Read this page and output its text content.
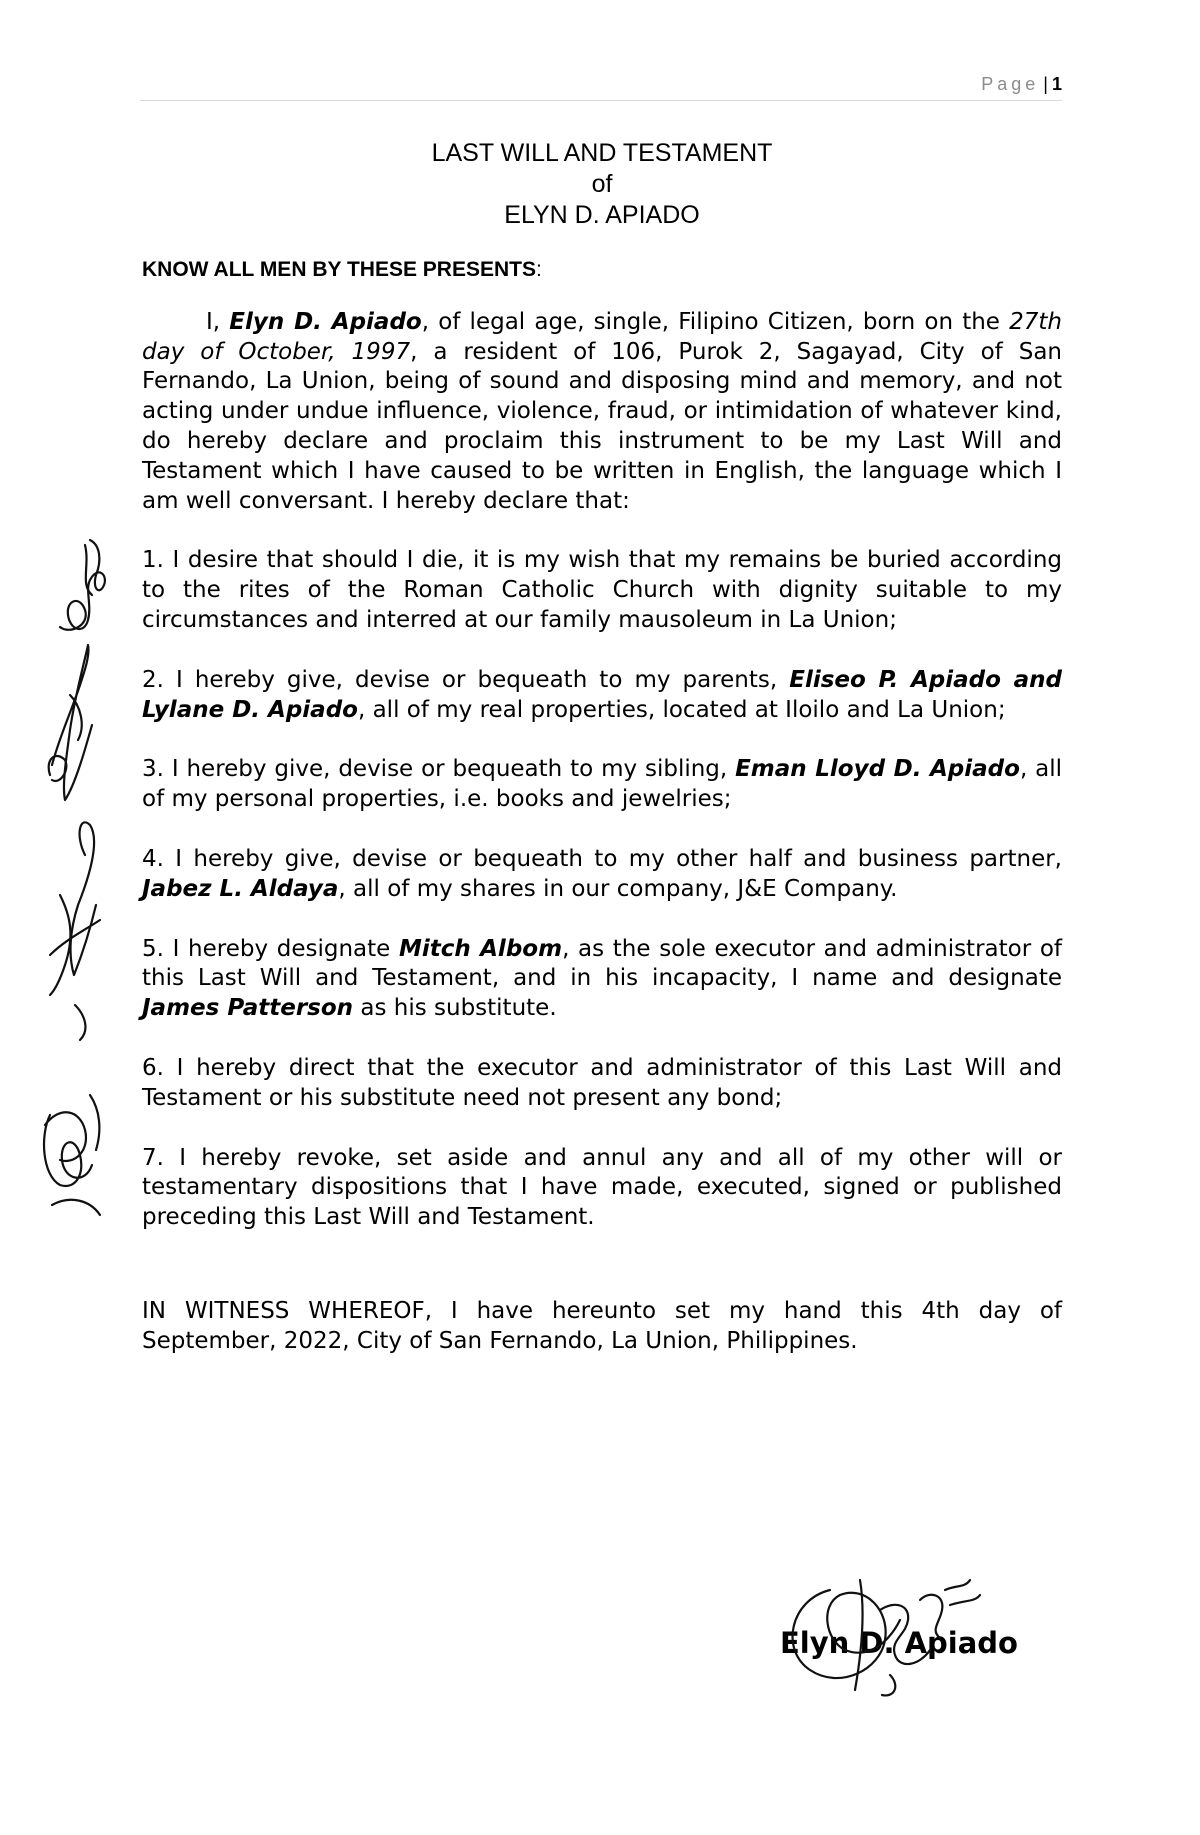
Page | 1
LAST WILL AND TESTAMENT
of
ELYN D. APIADO
KNOW ALL MEN BY THESE PRESENTS:

I, Elyn D. Apiado, of legal age, single, Filipino Citizen, born on the 27th day of October, 1997, a resident of 106, Purok 2, Sagayad, City of San Fernando, La Union, being of sound and disposing mind and memory, and not acting under undue influence, violence, fraud, or intimidation of whatever kind, do hereby declare and proclaim this instrument to be my Last Will and Testament which I have caused to be written in English, the language which I am well conversant. I hereby declare that:

1. I desire that should I die, it is my wish that my remains be buried according to the rites of the Roman Catholic Church with dignity suitable to my circumstances and interred at our family mausoleum in La Union;

2. I hereby give, devise or bequeath to my parents, Eliseo P. Apiado and Lylane D. Apiado, all of my real properties, located at Iloilo and La Union;

3. I hereby give, devise or bequeath to my sibling, Eman Lloyd D. Apiado, all of my personal properties, i.e. books and jewelries;

4. I hereby give, devise or bequeath to my other half and business partner, Jabez L. Aldaya, all of my shares in our company, J&E Company.

5. I hereby designate Mitch Albom, as the sole executor and administrator of this Last Will and Testament, and in his incapacity, I name and designate James Patterson as his substitute.

6. I hereby direct that the executor and administrator of this Last Will and Testament or his substitute need not present any bond;

7. I hereby revoke, set aside and annul any and all of my other will or testamentary dispositions that I have made, executed, signed or published preceding this Last Will and Testament.

IN WITNESS WHEREOF, I have hereunto set my hand this 4th day of September, 2022, City of San Fernando, La Union, Philippines.

Elyn D. Apiado
